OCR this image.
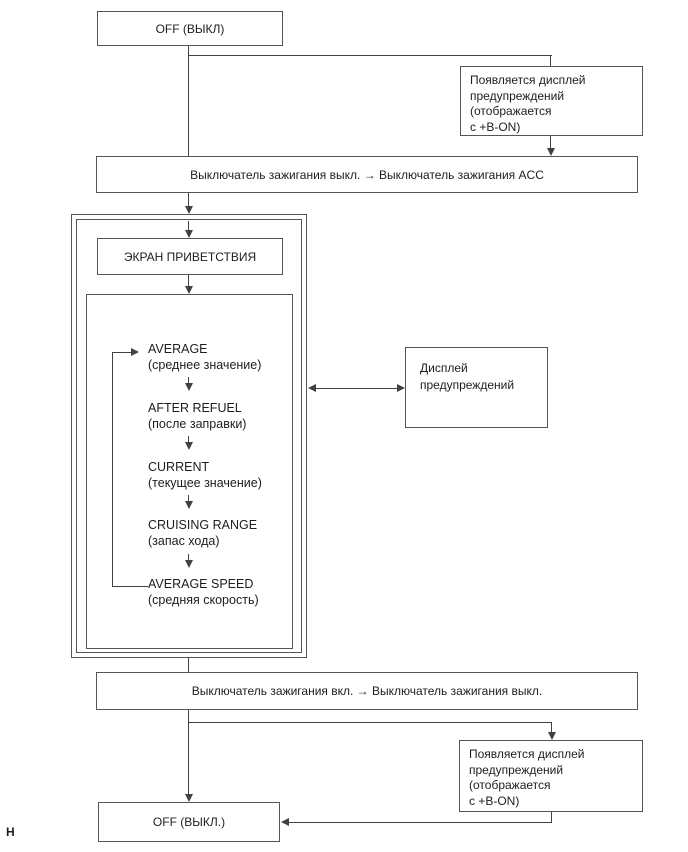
OFF (ВЫКЛ)
Появляется дисплей
предупреждений (отображается
с +B-ON)
Выключатель зажигания выкл. → Выключатель зажигания ACC
ЭКРАН ПРИВЕТСТВИЯ
AVERAGE
(среднее значение)
AFTER REFUEL
(после заправки)
CURRENT
(текущее значение)
CRUISING RANGE
(запас хода)
AVERAGE SPEED
(средняя скорость)
Дисплей
предупреждений
Выключатель зажигания вкл. → Выключатель зажигания выкл.
Появляется дисплей
предупреждений (отображается
с +B-ON)
OFF (ВЫКЛ.)
Н
